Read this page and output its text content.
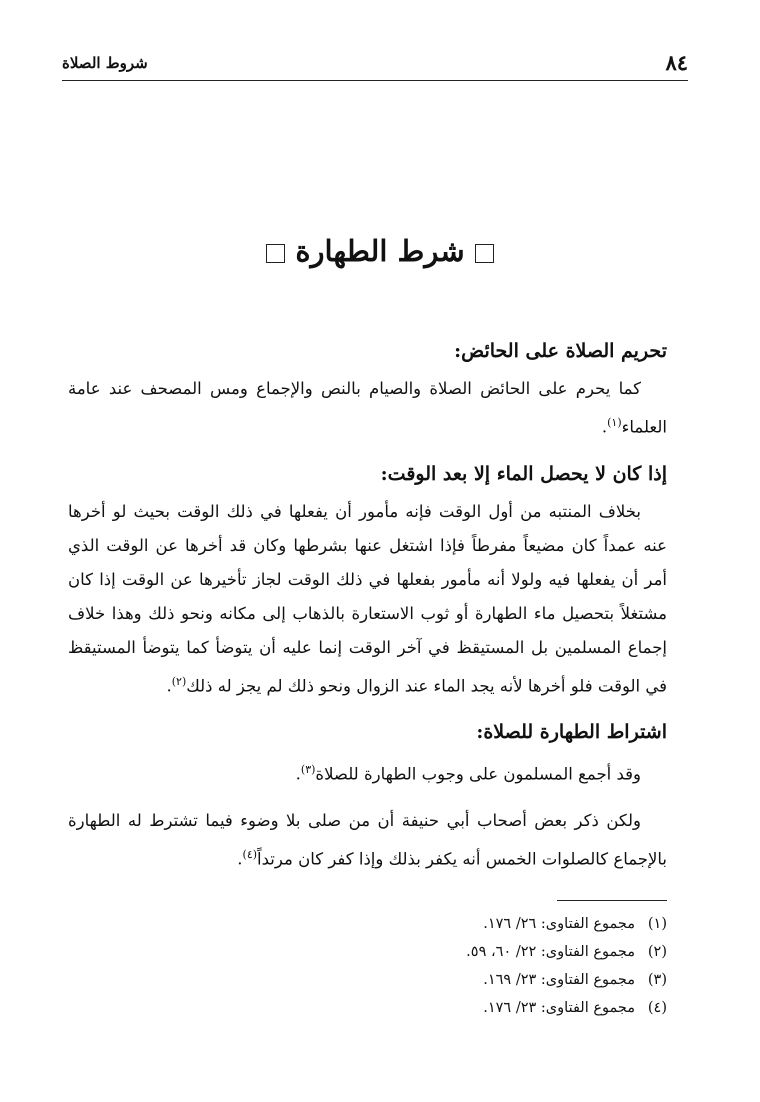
٨٤
شروط الصلاة
شرط الطهارة
تحريم الصلاة على الحائض:

كما يحرم على الحائض الصلاة والصيام بالنص والإجماع ومس المصحف عند عامة العلماء$^{(١)}$.

إذا كان لا يحصل الماء إلا بعد الوقت:

بخلاف المنتبه من أول الوقت فإنه مأمور أن يفعلها في ذلك الوقت بحيث لو أخرها عنه عمداً كان مضيعاً مفرطاً فإذا اشتغل عنها بشرطها وكان قد أخرها عن الوقت الذي أمر أن يفعلها فيه ولولا أنه مأمور بفعلها في ذلك الوقت لجاز تأخيرها عن الوقت إذا كان مشتغلاً بتحصيل ماء الطهارة أو ثوب الاستعارة بالذهاب إلى مكانه ونحو ذلك وهذا خلاف إجماع المسلمين بل المستيقظ في آخر الوقت إنما عليه أن يتوضأ كما يتوضأ المستيقظ في الوقت فلو أخرها لأنه يجد الماء عند الزوال ونحو ذلك لم يجز له ذلك$^{(٢)}$.

اشتراط الطهارة للصلاة:

وقد أجمع المسلمون على وجوب الطهارة للصلاة$^{(٣)}$.

ولكن ذكر بعض أصحاب أبي حنيفة أن من صلى بلا وضوء فيما تشترط له الطهارة بالإجماع كالصلوات الخمس أنه يكفر بذلك وإذا كفر كان مرتداً$^{(٤)}$.

(١)مجموع الفتاوى: ٢٦/ ١٧٦.
(٢)مجموع الفتاوى: ٢٢/ ٦٠، ٥٩.
(٣)مجموع الفتاوى: ٢٣/ ١٦٩.
(٤)مجموع الفتاوى: ٢٣/ ١٧٦.
